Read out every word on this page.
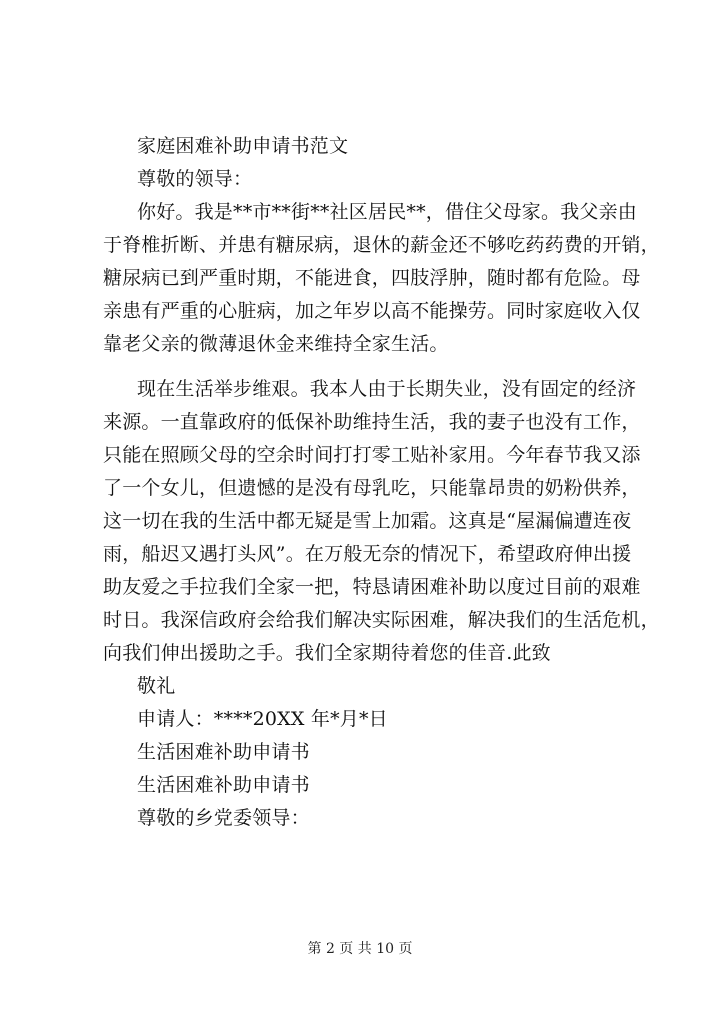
家庭困难补助申请书范文
尊敬的领导：
你好。我是**市**街**社区居民**，借住父母家。我父亲由
于脊椎折断、并患有糖尿病，退休的薪金还不够吃药药费的开销，
糖尿病已到严重时期，不能进食，四肢浮肿，随时都有危险。母
亲患有严重的心脏病，加之年岁以高不能操劳。同时家庭收入仅
靠老父亲的微薄退休金来维持全家生活。
现在生活举步维艰。我本人由于长期失业，没有固定的经济
来源。一直靠政府的低保补助维持生活，我的妻子也没有工作，
只能在照顾父母的空余时间打打零工贴补家用。今年春节我又添
了一个女儿，但遗憾的是没有母乳吃，只能靠昂贵的奶粉供养，
这一切在我的生活中都无疑是雪上加霜。这真是“屋漏偏遭连夜
雨，船迟又遇打头风”。在万般无奈的情况下，希望政府伸出援
助友爱之手拉我们全家一把，特恳请困难补助以度过目前的艰难
时日。我深信政府会给我们解决实际困难，解决我们的生活危机，
向我们伸出援助之手。我们全家期待着您的佳音.此致
敬礼
申请人：****20XX 年*月*日
生活困难补助申请书
生活困难补助申请书
尊敬的乡党委领导：
第 2 页 共 10 页
